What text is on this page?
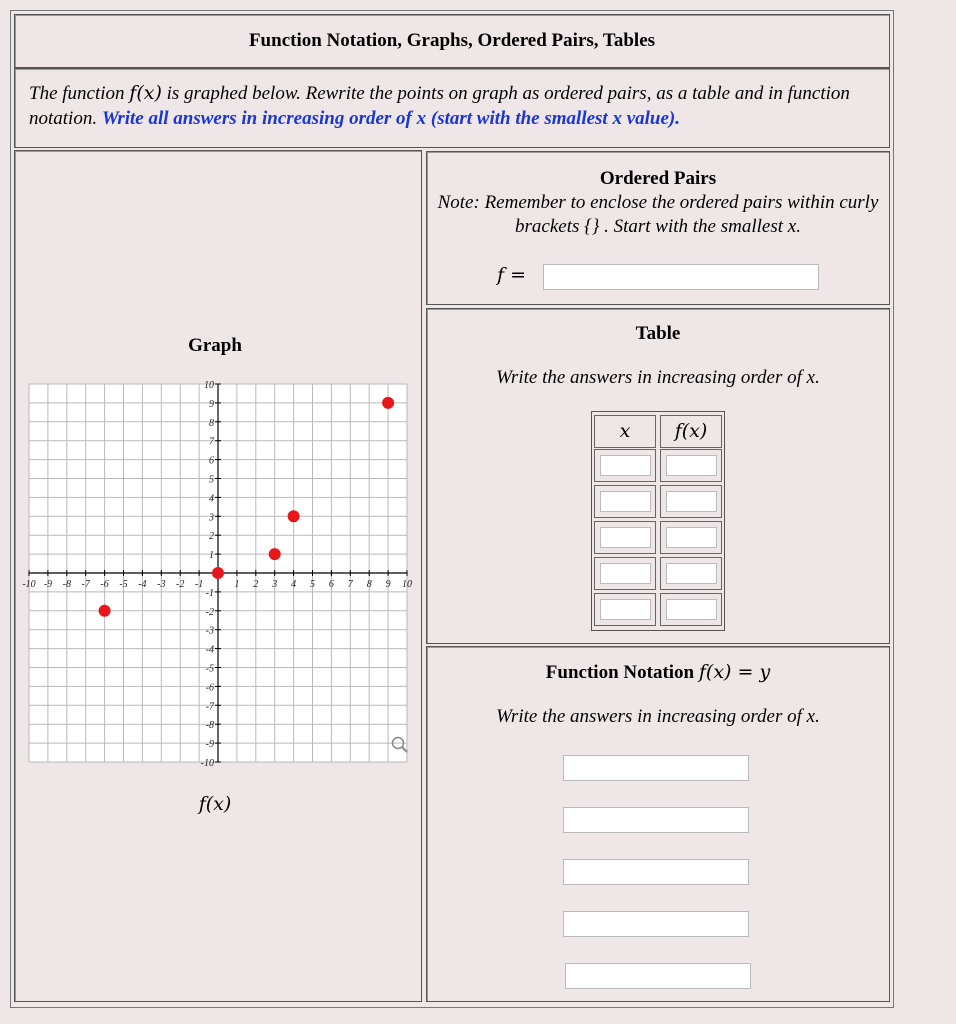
Function Notation, Graphs, Ordered Pairs, Tables
The function f(x) is graphed below. Rewrite the points on graph as ordered pairs, as a table and in function notation. Write all answers in increasing order of x (start with the smallest x value).
Graph
-10 -9 -8 -7 -6 -5 -4 -3 -2 -1	1 2 3 4 5 6 7 8 9 10
-10
-9
-8
-7
-6
-5
-4
-3
-2
-1
1
2
3
4
5
6
7
8
9
10
f(x)
Ordered Pairs
Note: Remember to enclose the ordered pairs within curly brackets {} . Start with the smallest x.
f =
Table
Write the answers in increasing order of x.
x	f(x)
Function Notation f(x) = y
Write the answers in increasing order of x.
